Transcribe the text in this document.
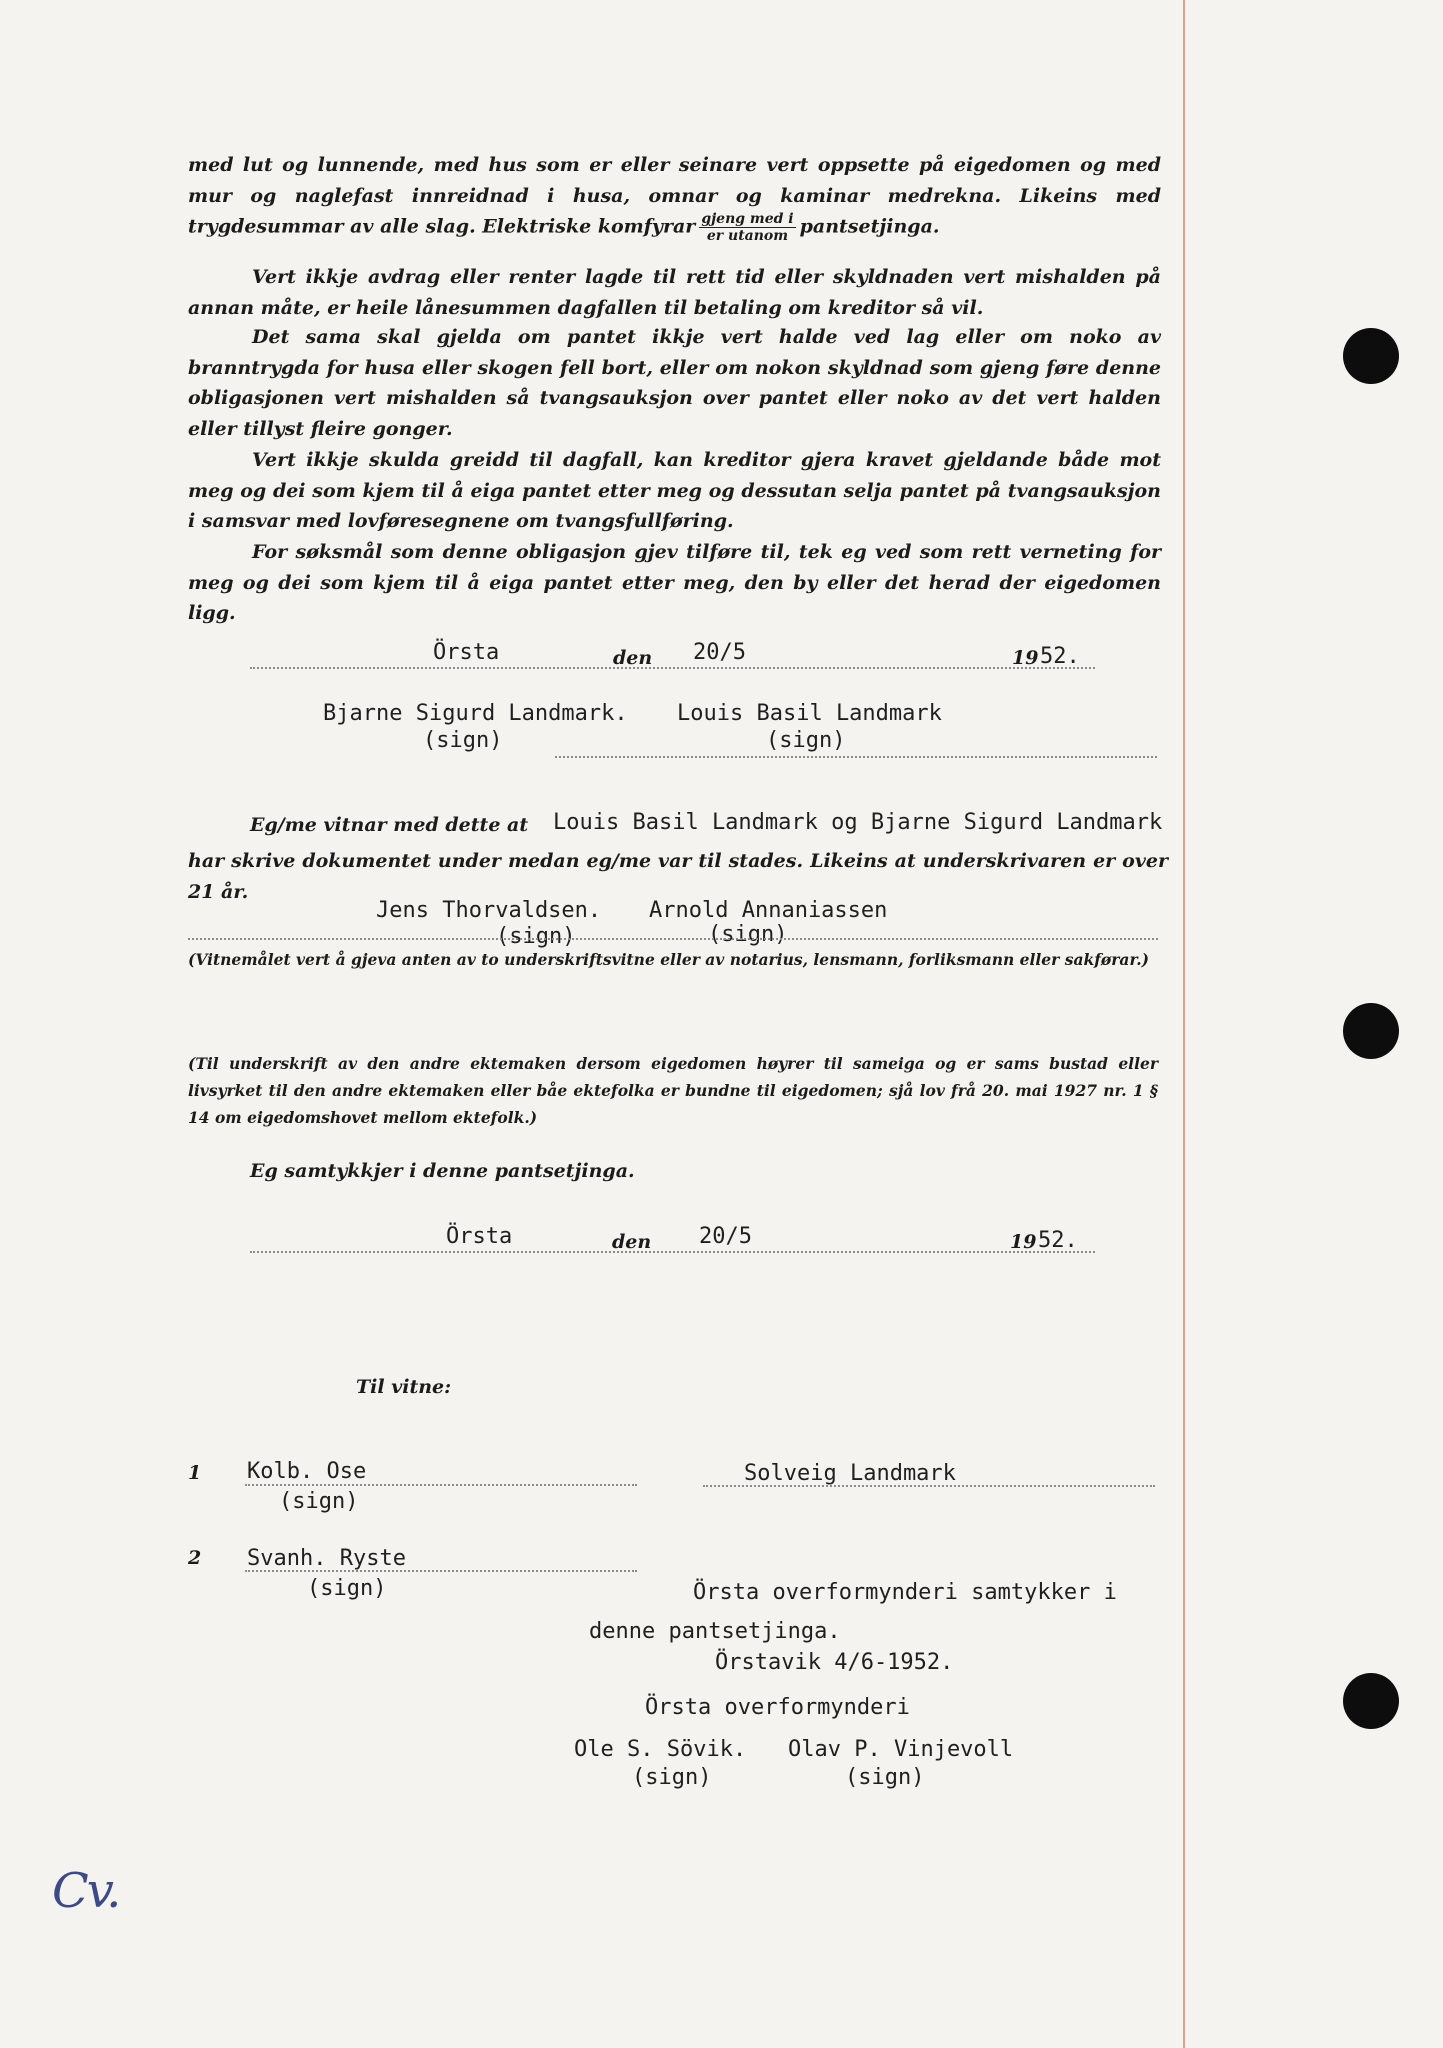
med lut og lunnende, med hus som er eller seinare vert oppsette på eigedomen og med mur og naglefast innreidnad i husa, omnar og kaminar medrekna. Likeins med trygdesummar av alle slag. Elektriske komfyrar $\frac{\text{gjeng med i}}{\text{er utanom}}$ pantsetjinga.

Vert ikkje avdrag eller renter lagde til rett tid eller skyldnaden vert mishalden på annan måte, er heile lånesummen dagfallen til betaling om kreditor så vil.

Det sama skal gjelda om pantet ikkje vert halde ved lag eller om noko av branntrygda for husa eller skogen fell bort, eller om nokon skyldnad som gjeng føre denne obligasjonen vert mishalden så tvangsauksjon over pantet eller noko av det vert halden eller tillyst fleire gonger.

Vert ikkje skulda greidd til dagfall, kan kreditor gjera kravet gjeldande både mot meg og dei som kjem til å eiga pantet etter meg og dessutan selja pantet på tvangsauksjon i samsvar med lovføresegnene om tvangsfullføring.

For søksmål som denne obligasjon gjev tilføre til, tek eg ved som rett verneting for meg og dei som kjem til å eiga pantet etter meg, den by eller det herad der eigedomen ligg.

Örsta	den 20/5	19 52.
Bjarne Sigurd Landmark.
(sign)
Louis Basil Landmark
(sign)
Eg/me vitnar med dette at Louis Basil Landmark og Bjarne Sigurd Landmark

har skrive dokumentet under medan eg/me var til stades. Likeins at underskrivaren er over 21 år.

Jens Thorvaldsen.
(sign)
Arnold Annaniassen
(sign)

(Vitnemålet vert å gjeva anten av to underskriftsvitne eller av notarius, lensmann, forliksmann eller sakførar.)

(Til underskrift av den andre ektemaken dersom eigedomen høyrer til sameiga og er sams bustad eller livsyrket til den andre ektemaken eller båe ektefolka er bundne til eigedomen; sjå lov frå 20. mai 1927 nr. 1 § 14 om eigedomshovet mellom ektefolk.)

Eg samtykkjer i denne pantsetjinga.
Örsta	den 20/5	19 52.
Til vitne:
1 Kolb. Ose
(sign)
Solveig Landmark
2 Svanh. Ryste
(sign)	Örsta overformynderi samtykker i
denne pantsetjinga.
Örstavik 4/6-1952.
Örsta overformynderi
Ole S. Sövik.
(sign)
Olav P. Vinjevoll
(sign)
Cv.
